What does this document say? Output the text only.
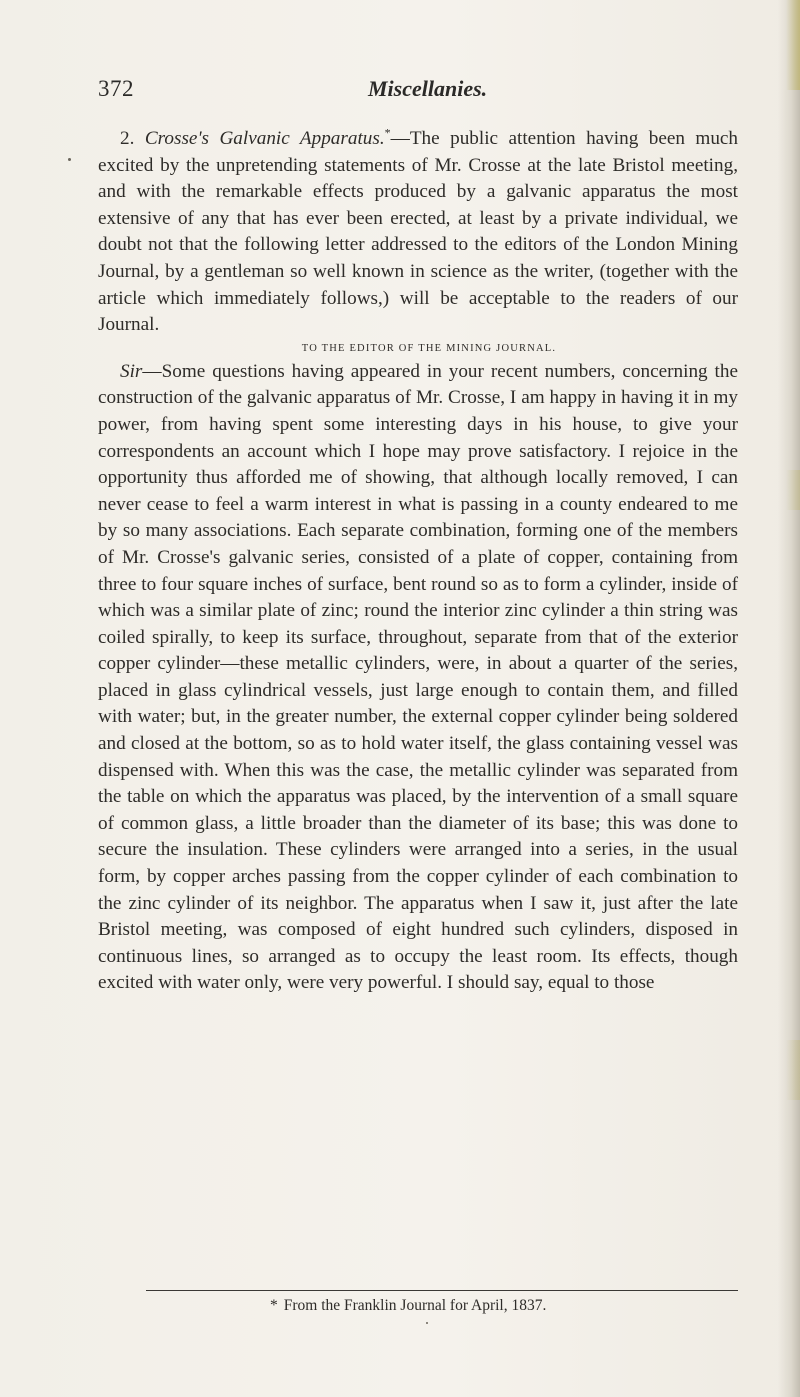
372	Miscellanies.

2. Crosse's Galvanic Apparatus.*—The public attention having been much excited by the unpretending statements of Mr. Crosse at the late Bristol meeting, and with the remarkable effects produced by a galvanic apparatus the most extensive of any that has ever been erected, at least by a private individual, we doubt not that the following letter addressed to the editors of the London Mining Journal, by a gentleman so well known in science as the writer, (together with the article which immediately follows,) will be acceptable to the readers of our Journal.

TO THE EDITOR OF THE MINING JOURNAL.

Sir—Some questions having appeared in your recent numbers, concerning the construction of the galvanic apparatus of Mr. Crosse, I am happy in having it in my power, from having spent some interesting days in his house, to give your correspondents an account which I hope may prove satisfactory. I rejoice in the opportunity thus afforded me of showing, that although locally removed, I can never cease to feel a warm interest in what is passing in a county endeared to me by so many associations. Each separate combination, forming one of the members of Mr. Crosse's galvanic series, consisted of a plate of copper, containing from three to four square inches of surface, bent round so as to form a cylinder, inside of which was a similar plate of zinc; round the interior zinc cylinder a thin string was coiled spirally, to keep its surface, throughout, separate from that of the exterior copper cylinder—these metallic cylinders, were, in about a quarter of the series, placed in glass cylindrical vessels, just large enough to contain them, and filled with water; but, in the greater number, the external copper cylinder being soldered and closed at the bottom, so as to hold water itself, the glass containing vessel was dispensed with. When this was the case, the metallic cylinder was separated from the table on which the apparatus was placed, by the intervention of a small square of common glass, a little broader than the diameter of its base; this was done to secure the insulation. These cylinders were arranged into a series, in the usual form, by copper arches passing from the copper cylinder of each combination to the zinc cylinder of its neighbor. The apparatus when I saw it, just after the late Bristol meeting, was composed of eight hundred such cylinders, disposed in continuous lines, so arranged as to occupy the least room. Its effects, though excited with water only, were very powerful. I should say, equal to those

* From the Franklin Journal for April, 1837.
